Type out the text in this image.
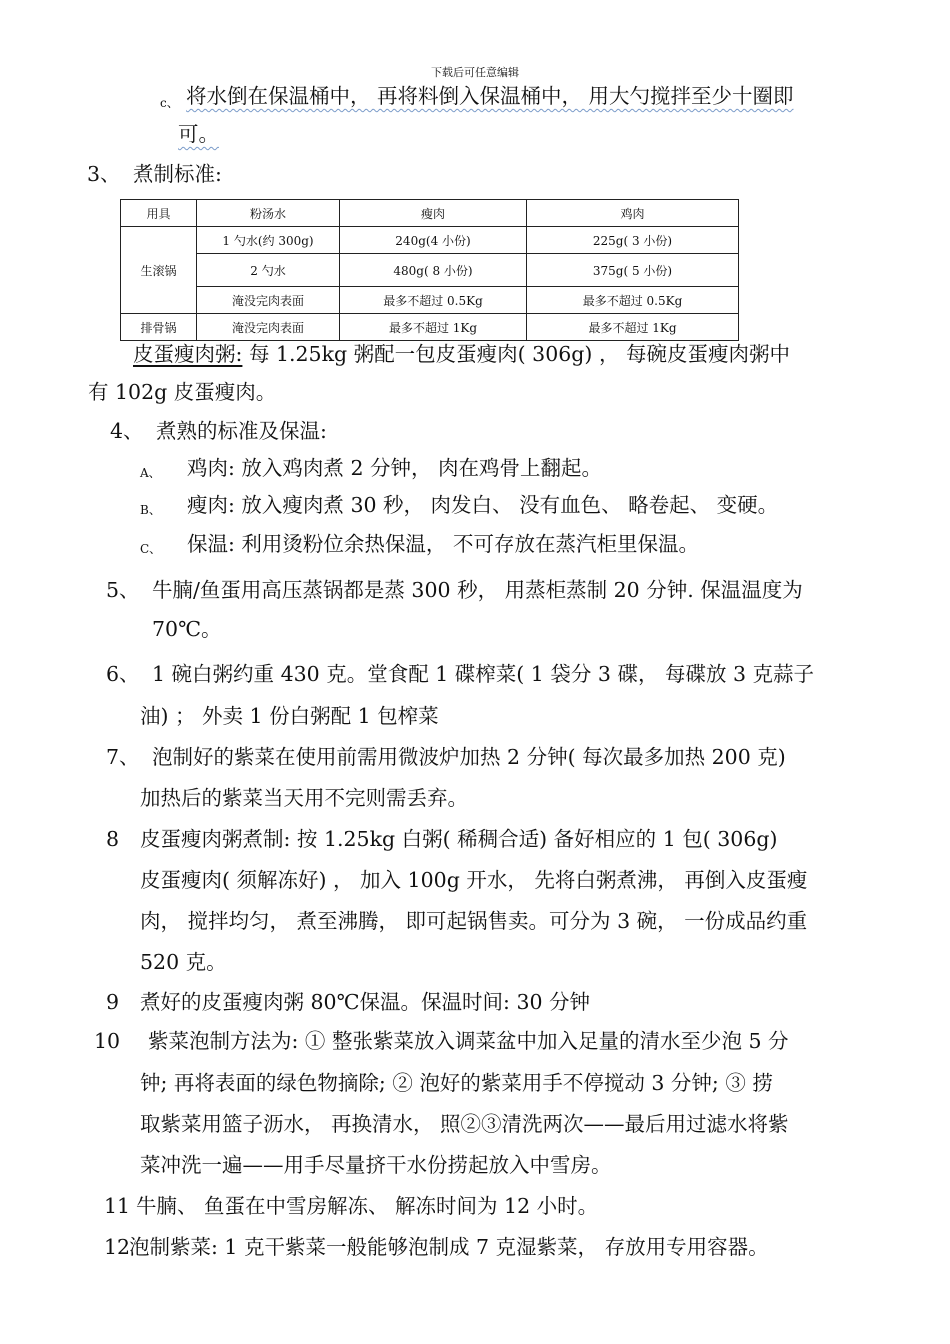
下载后可任意编辑
c、 将水倒在保温桶中， 再将料倒入保温桶中， 用大勺搅拌至少十圈即
可。
3、 煮制标准:
用具	粉汤水	瘦肉	鸡肉
生滚锅	1 勺水(约 300g)	240g(4 小份)	225g( 3 小份)
	2 勺水	480g( 8 小份)	375g( 5 小份)
	淹没完肉表面	最多不超过 0.5Kg	最多不超过 0.5Kg
排骨锅	淹没完肉表面	最多不超过 1Kg	最多不超过 1Kg
皮蛋瘦肉粥: 每 1.25kg 粥配一包皮蛋瘦肉( 306g) ， 每碗皮蛋瘦肉粥中
有 102g 皮蛋瘦肉。
4、 煮熟的标准及保温:
A、 鸡肉: 放入鸡肉煮 2 分钟， 肉在鸡骨上翻起。
B、 瘦肉: 放入瘦肉煮 30 秒， 肉发白、 没有血色、 略卷起、 变硬。
C、 保温: 利用烫粉位余热保温， 不可存放在蒸汽柜里保温。
5、 牛腩/鱼蛋用高压蒸锅都是蒸 300 秒， 用蒸柜蒸制 20 分钟. 保温温度为
70℃。
6、 1 碗白粥约重 430 克。堂食配 1 碟榨菜( 1 袋分 3 碟， 每碟放 3 克蒜子
油) ； 外卖 1 份白粥配 1 包榨菜
7、 泡制好的紫菜在使用前需用微波炉加热 2 分钟( 每次最多加热 200 克)
加热后的紫菜当天用不完则需丢弃。
8 皮蛋瘦肉粥煮制: 按 1.25kg 白粥( 稀稠合适) 备好相应的 1 包( 306g)
皮蛋瘦肉( 须解冻好) ， 加入 100g 开水， 先将白粥煮沸， 再倒入皮蛋瘦
肉， 搅拌均匀， 煮至沸腾， 即可起锅售卖。可分为 3 碗， 一份成品约重
520 克。
9 煮好的皮蛋瘦肉粥 80℃保温。保温时间: 30 分钟
10 紫菜泡制方法为: ① 整张紫菜放入调菜盆中加入足量的清水至少泡 5 分
钟; 再将表面的绿色物摘除; ② 泡好的紫菜用手不停搅动 3 分钟; ③ 捞
取紫菜用篮子沥水， 再换清水， 照②③清洗两次——最后用过滤水将紫
菜冲洗一遍——用手尽量挤干水份捞起放入中雪房。
11 牛腩、 鱼蛋在中雪房解冻、 解冻时间为 12 小时。
12
泡制紫菜: 1 克干紫菜一般能够泡制成 7 克湿紫菜， 存放用专用容器。
